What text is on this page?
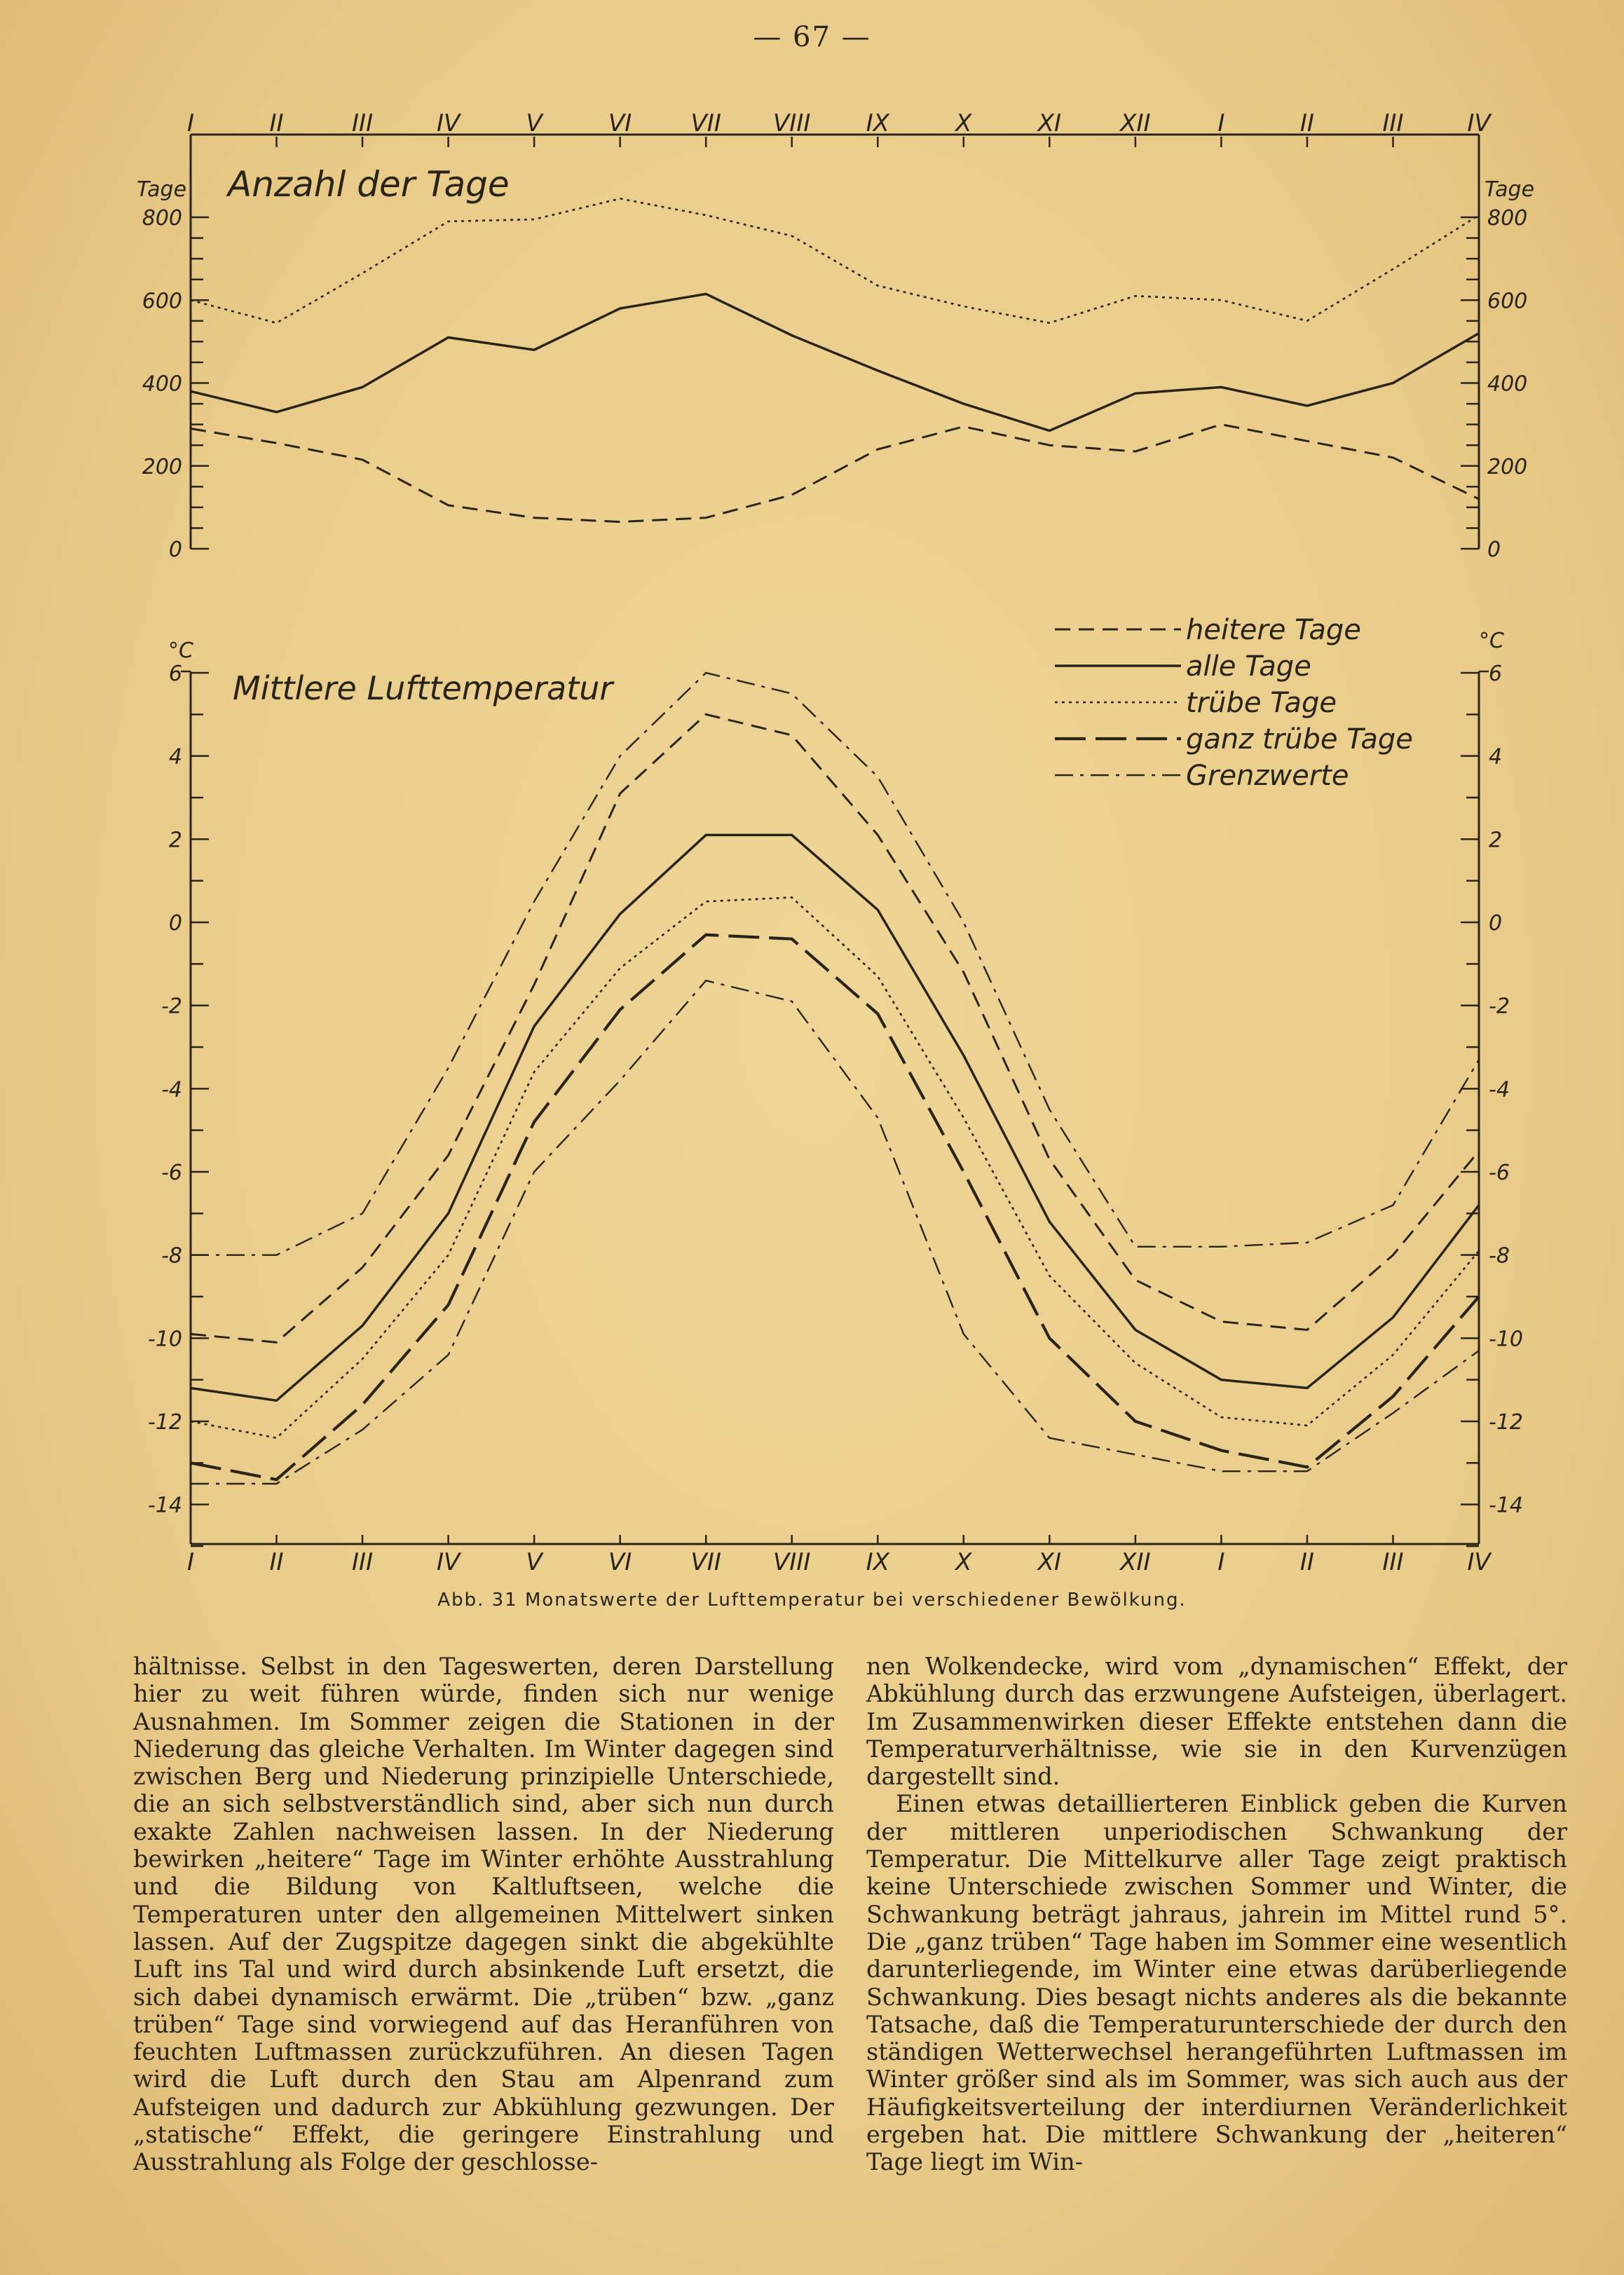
— 67 —
I	II	III	IV	V	VI VII VIII IX	X	XI XII	I	II	III	IV
I	II	III	IV	V	VI VII VIII IX	X	XI XII	I	II	III	IV
0	0
200	200
400	400
600	600
800	800
Tage	Tage
Anzahl der Tage
-14	-14
-12	-12
-10	-10
-8	-8
-6	-6
-4	-4
-2	-2
0	0
2	2
4	4
6	6
°C	°C
Mittlere Lufttemperatur
heitere Tage
alle Tage
trübe Tage
ganz trübe Tage
Grenzwerte
Abb. 31 Monatswerte der Lufttemperatur bei verschiedener Bewölkung.

hältnisse. Selbst in den Tageswerten, deren Darstellung hier zu weit führen würde, finden sich nur wenige Ausnahmen. Im Sommer zeigen die Stationen in der Niederung das gleiche Verhalten. Im Winter dagegen sind zwischen Berg und Niederung prinzipielle Unterschiede, die an sich selbstverständlich sind, aber sich nun durch exakte Zahlen nachweisen lassen. In der Niederung bewirken „heitere“ Tage im Winter erhöhte Ausstrahlung und die Bildung von Kaltluftseen, welche die Temperaturen unter den allgemeinen Mittelwert sinken lassen. Auf der Zugspitze dagegen sinkt die abgekühlte Luft ins Tal und wird durch absinkende Luft ersetzt, die sich dabei dynamisch erwärmt. Die „trüben“ bzw. „ganz trüben“ Tage sind vorwiegend auf das Heranführen von feuchten Luftmassen zurückzuführen. An diesen Tagen wird die Luft durch den Stau am Alpenrand zum Aufsteigen und dadurch zur Abkühlung gezwungen. Der „statische“ Effekt, die geringere Einstrahlung und Ausstrahlung als Folge der geschlosse-

nen Wolkendecke, wird vom „dynamischen“ Effekt, der Abkühlung durch das erzwungene Aufsteigen, überlagert. Im Zusammenwirken dieser Effekte entstehen dann die Temperaturverhältnisse, wie sie in den Kurvenzügen dargestellt sind.

Einen etwas detaillierteren Einblick geben die Kurven der mittleren unperiodischen Schwankung der Temperatur. Die Mittelkurve aller Tage zeigt praktisch keine Unterschiede zwischen Sommer und Winter, die Schwankung beträgt jahraus, jahrein im Mittel rund 5°. Die „ganz trüben“ Tage haben im Sommer eine wesentlich darunterliegende, im Winter eine etwas darüberliegende Schwankung. Dies besagt nichts anderes als die bekannte Tatsache, daß die Temperaturunterschiede der durch den ständigen Wetterwechsel herangeführten Luftmassen im Winter größer sind als im Sommer, was sich auch aus der Häufigkeitsverteilung der interdiurnen Veränderlichkeit ergeben hat. Die mittlere Schwankung der „heiteren“ Tage liegt im Win-
